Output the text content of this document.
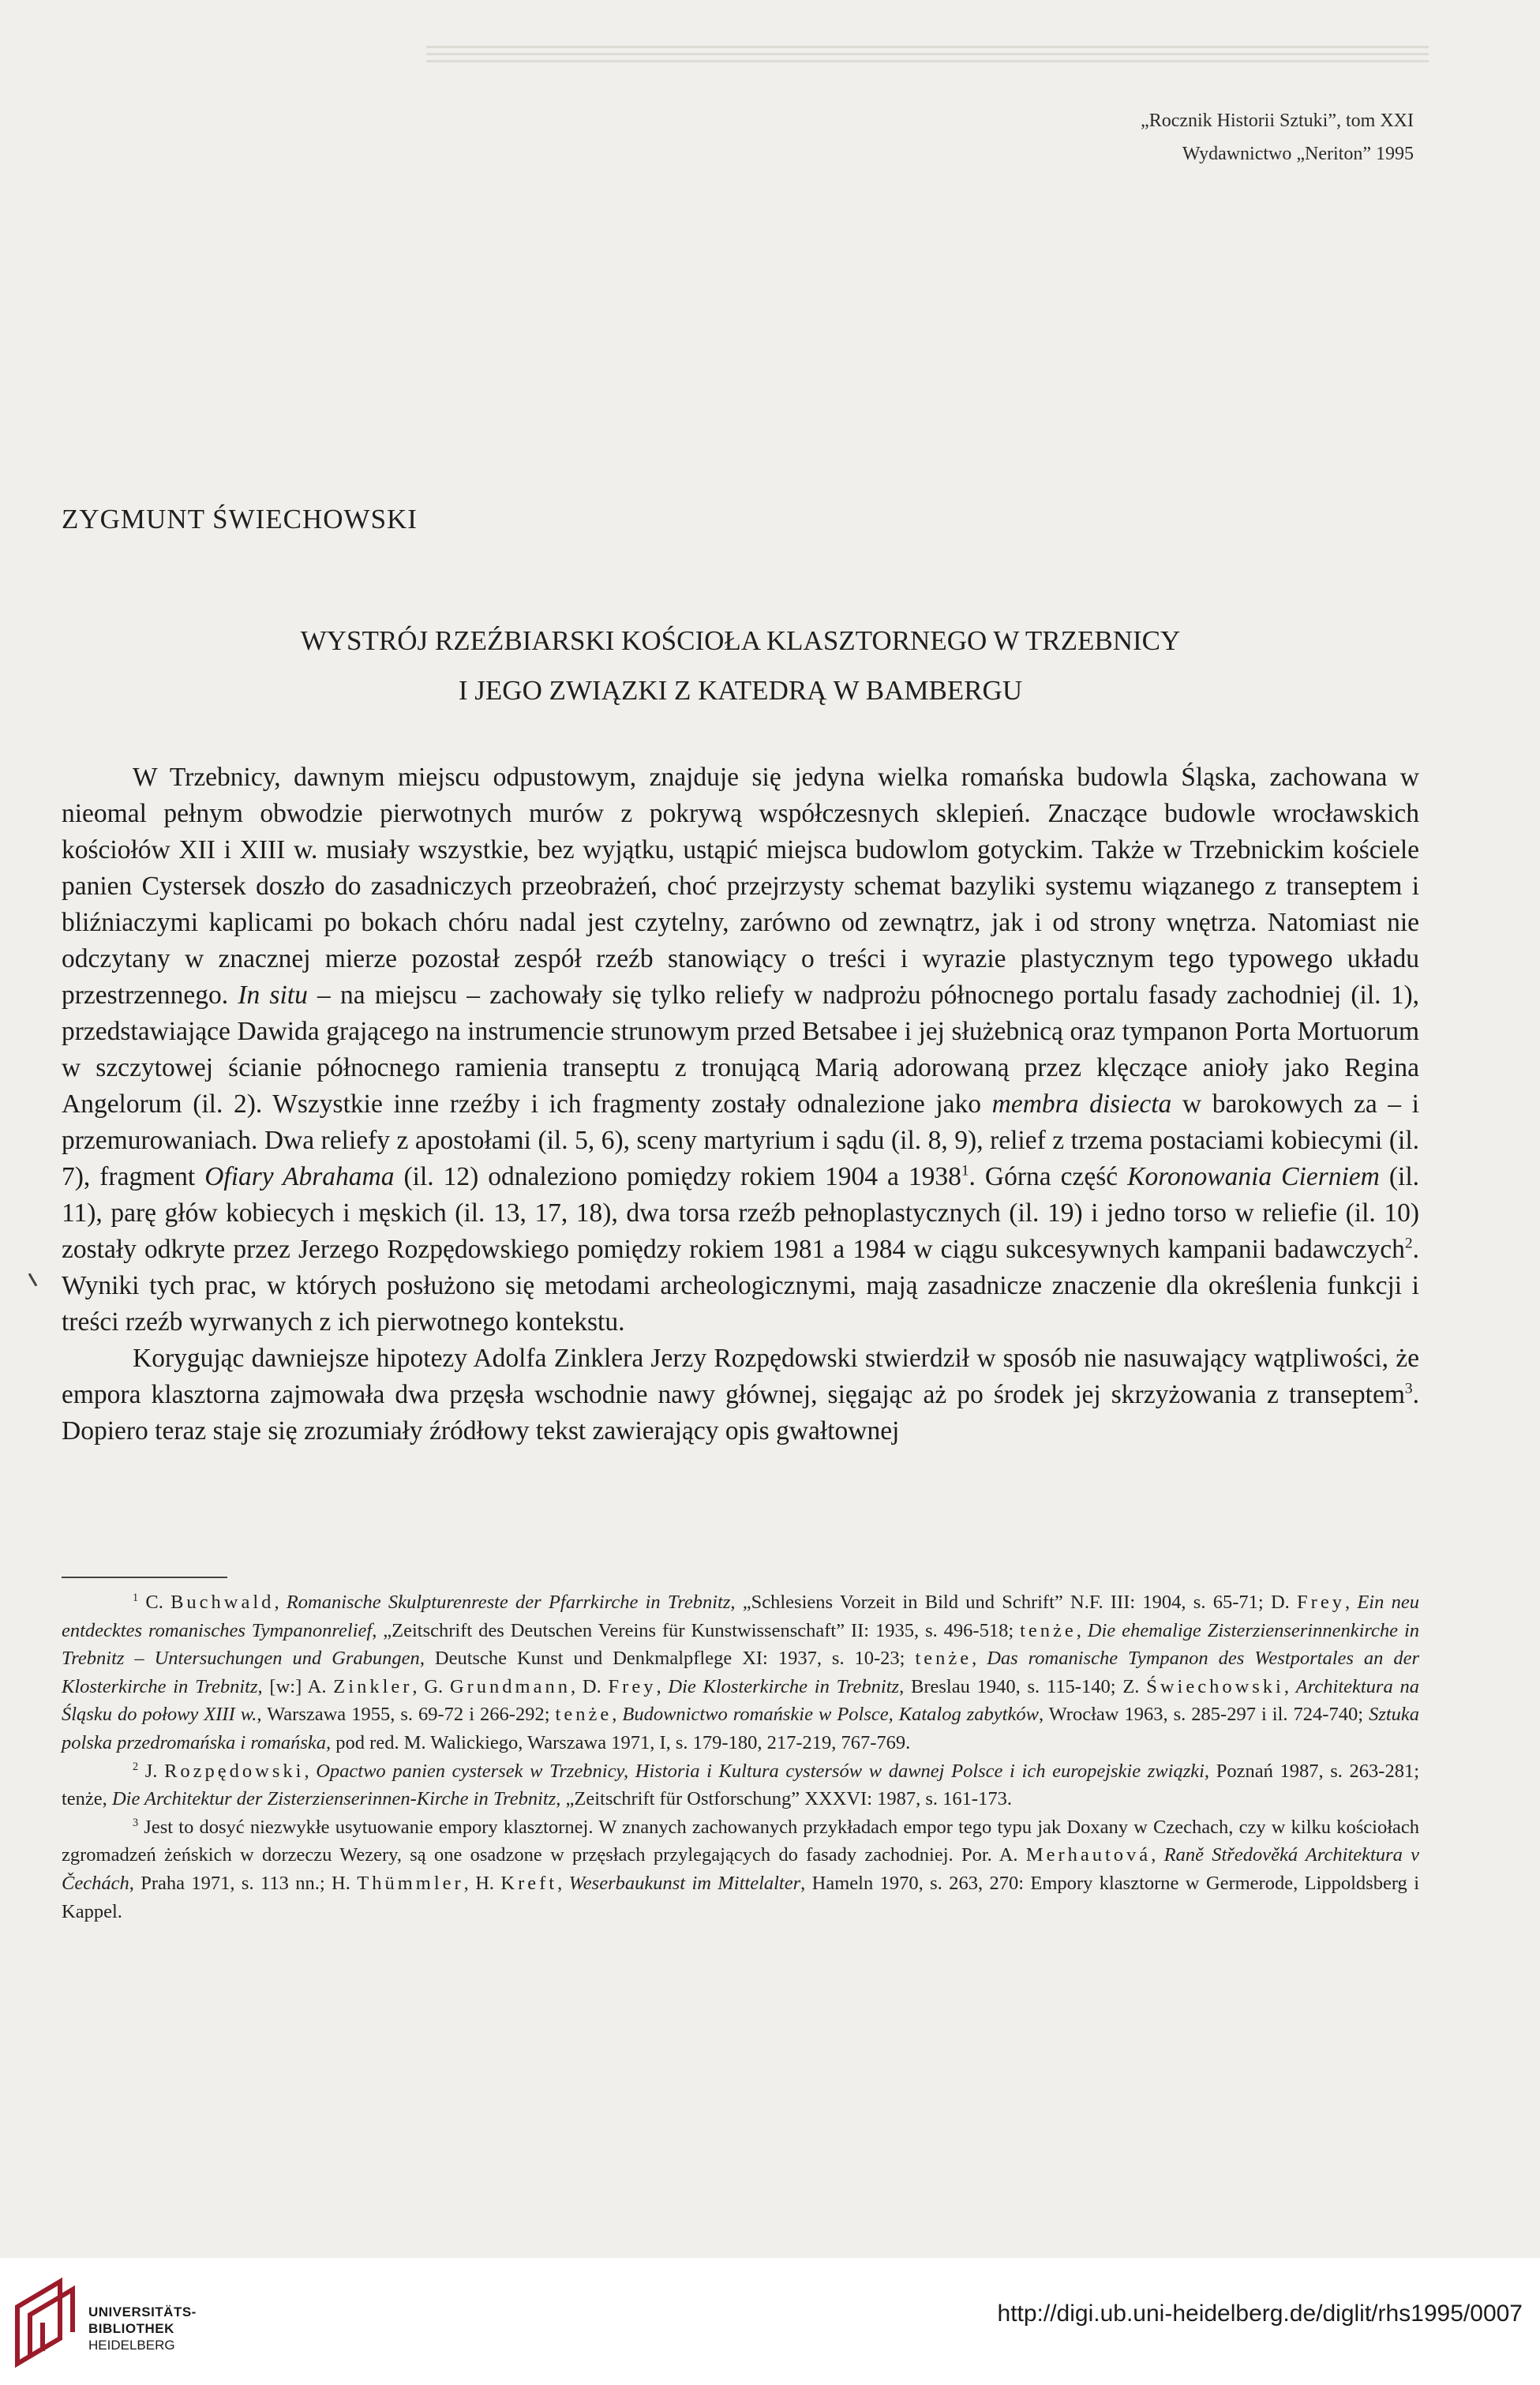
„Rocznik Historii Sztuki”, tom XXI
Wydawnictwo „Neriton” 1995
ZYGMUNT ŚWIECHOWSKI
WYSTRÓJ RZEŹBIARSKI KOŚCIOŁA KLASZTORNEGO W TRZEBNICY
I JEGO ZWIĄZKI Z KATEDRĄ W BAMBERGU

W Trzebnicy, dawnym miejscu odpustowym, znajduje się jedyna wielka romańska budowla Śląska, zachowana w nieomal pełnym obwodzie pierwotnych murów z pokrywą współczesnych sklepień. Znaczące budowle wrocławskich kościołów XII i XIII w. musiały wszystkie, bez wyjątku, ustąpić miejsca budowlom gotyckim. Także w Trzebnickim kościele panien Cystersek doszło do zasadniczych przeobrażeń, choć przejrzysty schemat bazyliki systemu wiązanego z transeptem i bliźniaczymi kaplicami po bokach chóru nadal jest czytelny, zarówno od zewnątrz, jak i od strony wnętrza. Natomiast nie odczytany w znacznej mierze pozostał zespół rzeźb stanowiący o treści i wyrazie plastycznym tego typowego układu przestrzennego. In situ – na miejscu – zachowały się tylko reliefy w nadprożu północnego portalu fasady zachodniej (il. 1), przedstawiające Dawida grającego na instrumencie strunowym przed Betsabee i jej służebnicą oraz tympanon Porta Mortuorum w szczytowej ścianie północnego ramienia transeptu z tronującą Marią adorowaną przez klęczące anioły jako Regina Angelorum (il. 2). Wszystkie inne rzeźby i ich fragmenty zostały odnalezione jako membra disiecta w barokowych za – i przemurowaniach. Dwa reliefy z apostołami (il. 5, 6), sceny martyrium i sądu (il. 8, 9), relief z trzema postaciami kobiecymi (il. 7), fragment Ofiary Abrahama (il. 12) odnaleziono pomiędzy rokiem 1904 a 1938$^1$. Górna część Koronowania Cierniem (il. 11), parę głów kobiecych i męskich (il. 13, 17, 18), dwa torsa rzeźb pełnoplastycznych (il. 19) i jedno torso w reliefie (il. 10) zostały odkryte przez Jerzego Rozpędowskiego pomiędzy rokiem 1981 a 1984 w ciągu sukcesywnych kampanii badawczych$^2$. Wyniki tych prac, w których posłużono się metodami archeologicznymi, mają zasadnicze znaczenie dla określenia funkcji i treści rzeźb wyrwanych z ich pierwotnego kontekstu.

Korygując dawniejsze hipotezy Adolfa Zinklera Jerzy Rozpędowski stwierdził w sposób nie nasuwający wątpliwości, że empora klasztorna zajmowała dwa przęsła wschodnie nawy głównej, sięgając aż po środek jej skrzyżowania z transeptem$^3$. Dopiero teraz staje się zrozumiały źródłowy tekst zawierający opis gwałtownej

$^1$ C. Buchwald, Romanische Skulpturenreste der Pfarrkirche in Trebnitz, „Schlesiens Vorzeit in Bild und Schrift” N.F. III: 1904, s. 65-71; D. Frey, Ein neu entdecktes romanisches Tympanonrelief, „Zeitschrift des Deutschen Vereins für Kunstwissenschaft” II: 1935, s. 496-518; tenże, Die ehemalige Zisterzienserinnenkirche in Trebnitz – Untersuchungen und Grabungen, Deutsche Kunst und Denkmalpflege XI: 1937, s. 10-23; tenże, Das romanische Tympanon des Westportales an der Klosterkirche in Trebnitz, [w:] A. Zinkler, G. Grundmann, D. Frey, Die Klosterkirche in Trebnitz, Breslau 1940, s. 115-140; Z. Świechowski, Architektura na Śląsku do połowy XIII w., Warszawa 1955, s. 69-72 i 266-292; tenże, Budownictwo romańskie w Polsce, Katalog zabytków, Wrocław 1963, s. 285-297 i il. 724-740; Sztuka polska przedromańska i romańska, pod red. M. Walickiego, Warszawa 1971, I, s. 179-180, 217-219, 767-769.

$^2$ J. Rozpędowski, Opactwo panien cystersek w Trzebnicy, Historia i Kultura cystersów w dawnej Polsce i ich europejskie związki, Poznań 1987, s. 263-281; tenże, Die Architektur der Zisterzienserinnen-Kirche in Trebnitz, „Zeitschrift für Ostforschung” XXXVI: 1987, s. 161-173.

$^3$ Jest to dosyć niezwykłe usytuowanie empory klasztornej. W znanych zachowanych przykładach empor tego typu jak Doxany w Czechach, czy w kilku kościołach zgromadzeń żeńskich w dorzeczu Wezery, są one osadzone w przęsłach przylegających do fasady zachodniej. Por. A. Merhautová, Raně Středověká Architektura v Čechách, Praha 1971, s. 113 nn.; H. Thümmler, H. Kreft, Weserbaukunst im Mittelalter, Hameln 1970, s. 263, 270: Empory klasztorne w Germerode, Lippoldsberg i Kappel.

UNIVERSITÄTS-
BIBLIOTHEK
HEIDELBERG
http://digi.ub.uni-heidelberg.de/diglit/rhs1995/0007
